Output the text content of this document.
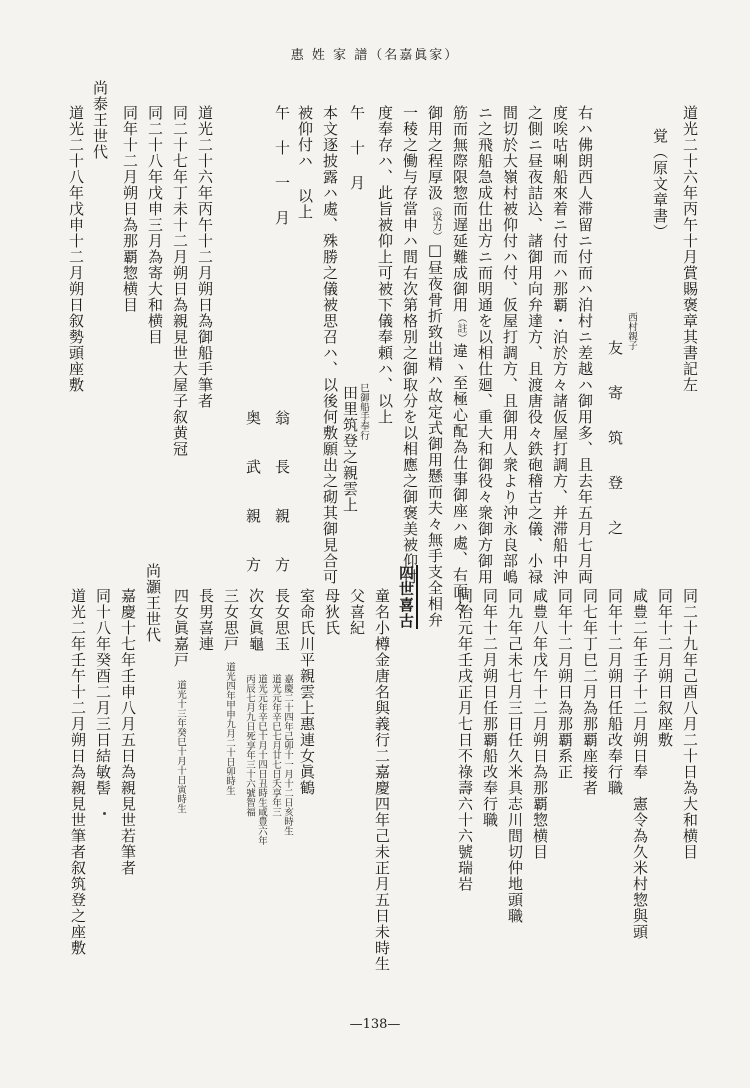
惠 姓 家 譜（名嘉眞家）
道光二十六年丙午十月賞賜褒章其書記左
覚（原文章書）
西村親子
友 寄 筑 登 之
右ハ佛朗西人滞留ニ付而ハ泊村ニ差越ハ御用多、且去年五月七月両
度唉咕唎船來着ニ付而ハ那覇・泊於方々諸仮屋打調方、并滞船中沖
之側ニ昼夜詰込、諸御用向弁達方、且渡唐役々鉄砲稽古之儀、小禄
間切於大嶺村被仰付ハ付、仮屋打調方、且御用人衆より沖永良部嶋
ニ之飛船急成仕出方ニ而明通を以相仕廻、重大和御役々衆御方御用
筋而無際限惣而遅延難成御用（註）違ヽ至極心配為仕事御座ハ處、右面々
御用之程厚汲（没力）□昼夜骨折致出精ハ故定式御用懸而夫々無手支全相弁
一稜之働与存當申ハ間右次第格別之御取分を以相應之御褒美被仰付
度奉存ハ、此旨被仰上可被下儀奉頼ハ、以上
巳御船手奉行
田里筑登之親雲上
午 十 月
本文逐披露ハ處、殊勝之儀被思召ハ、以後何敷願出之砌其御見合可
被仰付ハ 以上
午 十 一 月
翁 長 親 方
奥 武 親 方
道光二十六年丙午十二月朔日為御船手筆者
同二十七年丁未十二月朔日為親見世大屋子叙黄冠
同二十八年戊申三月為寄大和横目
同年十二月朔日為那覇惣横目
尚泰王世代
道光二十八年戊申十二月朔日叙勢頭座敷
同二十九年己酉八月二十日為大和横目
同年十二月朔日叙座敷
咸豊二年壬子十二月朔日奉　憲令為久米村惣與頭
同年十二月朔日任船改奉行職
同七年丁巳二月為那覇座接者
同年十二月朔日為那覇系正
咸豊八年戊午十二月朔日為那覇惣横目
同九年己未七月三日任久米具志川間切仲地頭職
同年十二月朔日任那覇船改奉行職
同治元年壬戌正月七日不祿壽六十六號瑞岩
四世喜古
童名小樽金唐名與義行二嘉慶四年己未正月五日未時生
父喜紀
母狄氏
室命氏川平親雲上惠連女眞鶴
長女思玉
嘉慶二十四年己卯十一月十二日亥時生
道光元年辛巳七月廿七日夭享年三
次女眞龜
道光元年辛巳十月十四日丑時生咸豊六年
丙辰七月九日死享年三十六號智福
三女思戸
道光四年甲申九月二十日卯時生
長男喜連
四女眞嘉戸
道光十三年癸巳十月十日寅時生
尚灝王世代
嘉慶十七年壬申八月五日為親見世若筆者
同十八年癸酉二月三日結敏髻
道光二年壬午十二月朔日為親見世筆者叙筑登之座敷
—138—
